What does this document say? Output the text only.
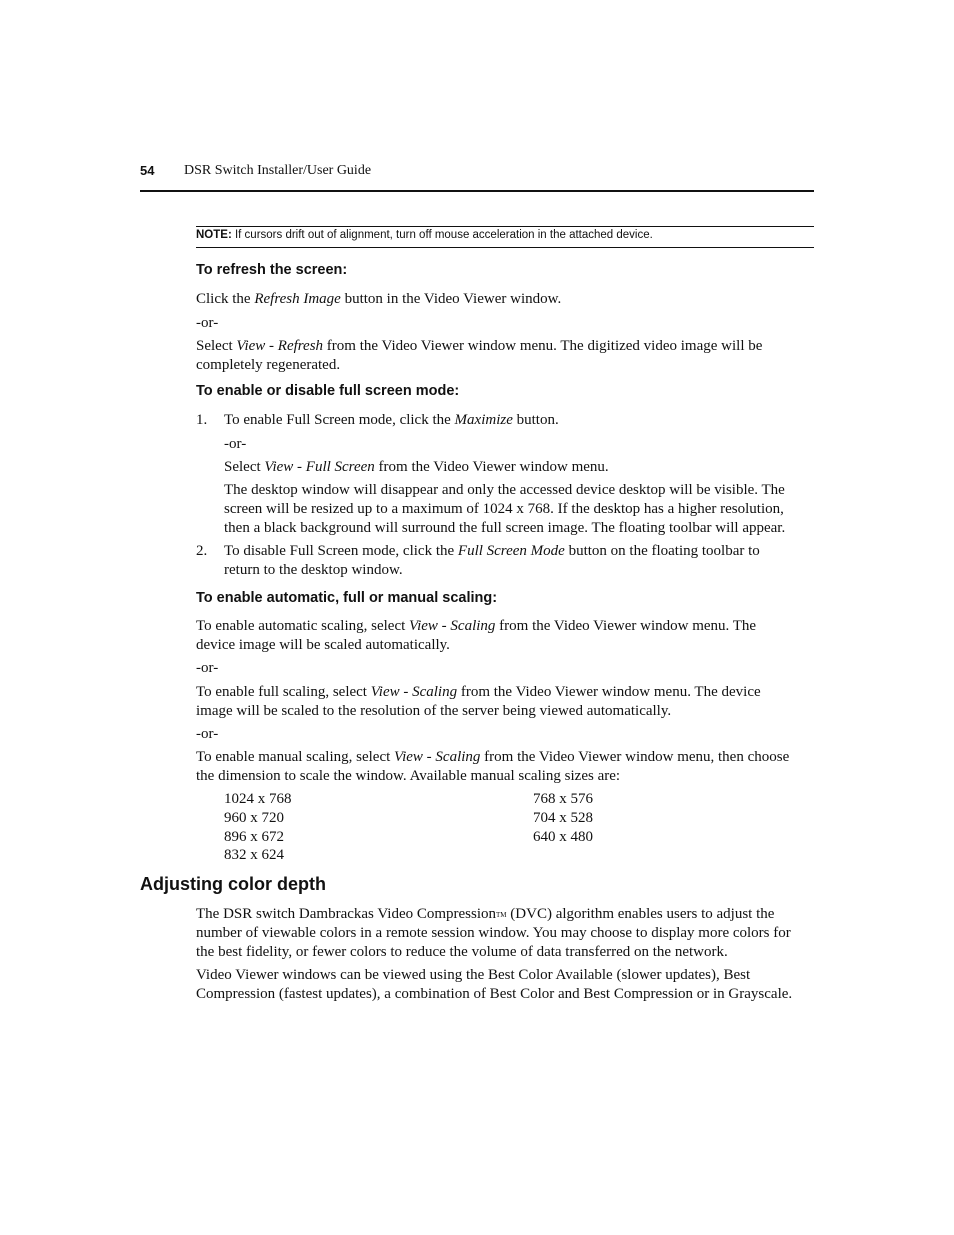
54 DSR Switch Installer/User Guide
NOTE: If cursors drift out of alignment, turn off mouse acceleration in the attached device.
To refresh the screen:
Click the Refresh Image button in the Video Viewer window.
-or-
Select View - Refresh from the Video Viewer window menu. The digitized video image will be
completely regenerated.
To enable or disable full screen mode:
1. To enable Full Screen mode, click the Maximize button.
-or-
Select View - Full Screen from the Video Viewer window menu.
The desktop window will disappear and only the accessed device desktop will be visible. The
screen will be resized up to a maximum of 1024 x 768. If the desktop has a higher resolution,
then a black background will surround the full screen image. The floating toolbar will appear.
2. To disable Full Screen mode, click the Full Screen Mode button on the floating toolbar to
return to the desktop window.
To enable automatic, full or manual scaling:
To enable automatic scaling, select View - Scaling from the Video Viewer window menu. The
device image will be scaled automatically.
-or-
To enable full scaling, select View - Scaling from the Video Viewer window menu. The device
image will be scaled to the resolution of the server being viewed automatically.
-or-
To enable manual scaling, select View - Scaling from the Video Viewer window menu, then choose
the dimension to scale the window. Available manual scaling sizes are:
1024 x 768
960 x 720
896 x 672
832 x 624
768 x 576
704 x 528
640 x 480
Adjusting color depth
The DSR switch Dambrackas Video CompressionTM (DVC) algorithm enables users to adjust the
number of viewable colors in a remote session window. You may choose to display more colors for
the best fidelity, or fewer colors to reduce the volume of data transferred on the network.
Video Viewer windows can be viewed using the Best Color Available (slower updates), Best
Compression (fastest updates), a combination of Best Color and Best Compression or in Grayscale.
